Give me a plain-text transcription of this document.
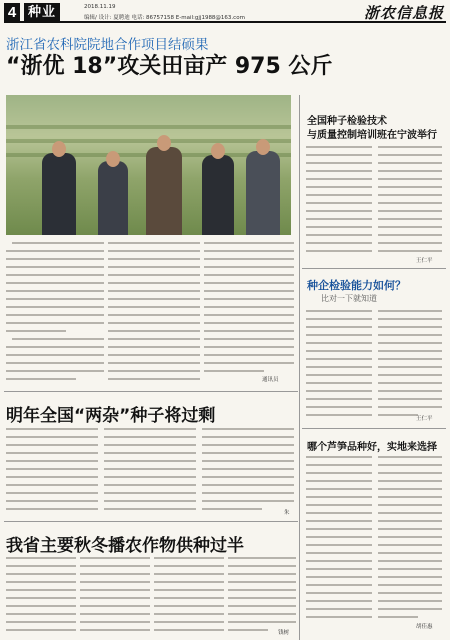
4 种业	2018.11.19
编辑/ 设计: 夏聘迪 电话: 86757158 E-mail:gjj1988@163.com	浙农信息报
浙江省农科院院地合作项目结硕果
“浙优 18”攻关田亩产 975 公斤
通讯员
全国种子检验技术
与质量控制培训班在宁波举行
王仁平
种企检验能力如何？
比对一下就知道
王仁平
哪个芦笋品种好，实地来选择
胡佳惠
明年全国“两杂”种子将过剩
朱
我省主要秋冬播农作物供种过半
钱树
